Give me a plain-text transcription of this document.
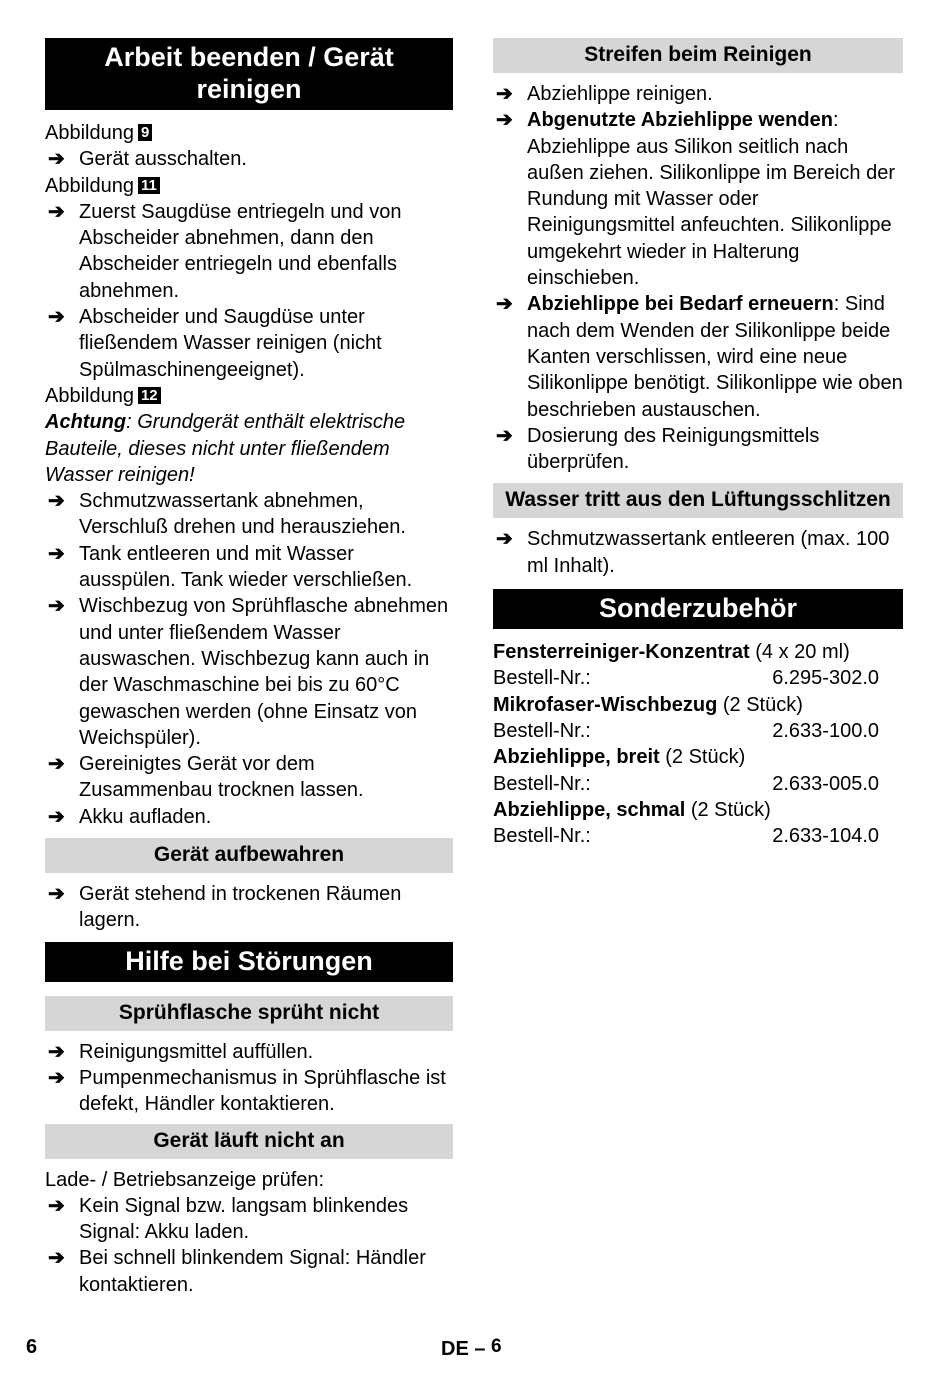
Arbeit beenden / Gerät reinigen
Abbildung 9
➔ Gerät ausschalten.
Abbildung 11
➔ Zuerst Saugdüse entriegeln und von Abscheider abnehmen, dann den Abscheider entriegeln und ebenfalls abnehmen.
➔ Abscheider und Saugdüse unter fließendem Wasser reinigen (nicht Spülmaschinengeeignet).
Abbildung 12
Achtung: Grundgerät enthält elektrische Bauteile, dieses nicht unter fließendem Wasser reinigen!
➔ Schmutzwassertank abnehmen, Verschluß drehen und herausziehen.
➔ Tank entleeren und mit Wasser ausspülen. Tank wieder verschließen.
➔ Wischbezug von Sprühflasche abnehmen und unter fließendem Wasser auswaschen. Wischbezug kann auch in der Waschmaschine bei bis zu 60°C gewaschen werden (ohne Einsatz von Weichspüler).
➔ Gereinigtes Gerät vor dem Zusammenbau trocknen lassen.
➔ Akku aufladen.
Gerät aufbewahren
➔ Gerät stehend in trockenen Räumen lagern.
Hilfe bei Störungen
Sprühflasche sprüht nicht
➔ Reinigungsmittel auffüllen.
➔ Pumpenmechanismus in Sprühflasche ist defekt, Händler kontaktieren.
Gerät läuft nicht an
Lade- / Betriebsanzeige prüfen:
➔ Kein Signal bzw. langsam blinkendes Signal: Akku laden.
➔ Bei schnell blinkendem Signal: Händler kontaktieren.
Streifen beim Reinigen
➔ Abziehlippe reinigen.
➔ Abgenutzte Abziehlippe wenden: Abziehlippe aus Silikon seitlich nach außen ziehen. Silikonlippe im Bereich der Rundung mit Wasser oder Reinigungsmittel anfeuchten. Silikonlippe umgekehrt wieder in Halterung einschieben.
➔ Abziehlippe bei Bedarf erneuern: Sind nach dem Wenden der Silikonlippe beide Kanten verschlissen, wird eine neue Silikonlippe benötigt. Silikonlippe wie oben beschrieben austauschen.
➔ Dosierung des Reinigungsmittels überprüfen.
Wasser tritt aus den Lüftungsschlitzen
➔ Schmutzwassertank entleeren (max. 100 ml Inhalt).
Sonderzubehör
Fensterreiniger-Konzentrat (4 x 20 ml)
Bestell-Nr.:	6.295-302.0
Mikrofaser-Wischbezug (2 Stück)
Bestell-Nr.:	2.633-100.0
Abziehlippe, breit (2 Stück)
Bestell-Nr.:	2.633-005.0
Abziehlippe, schmal (2 Stück)
Bestell-Nr.:	2.633-104.0
6	DE – 6
